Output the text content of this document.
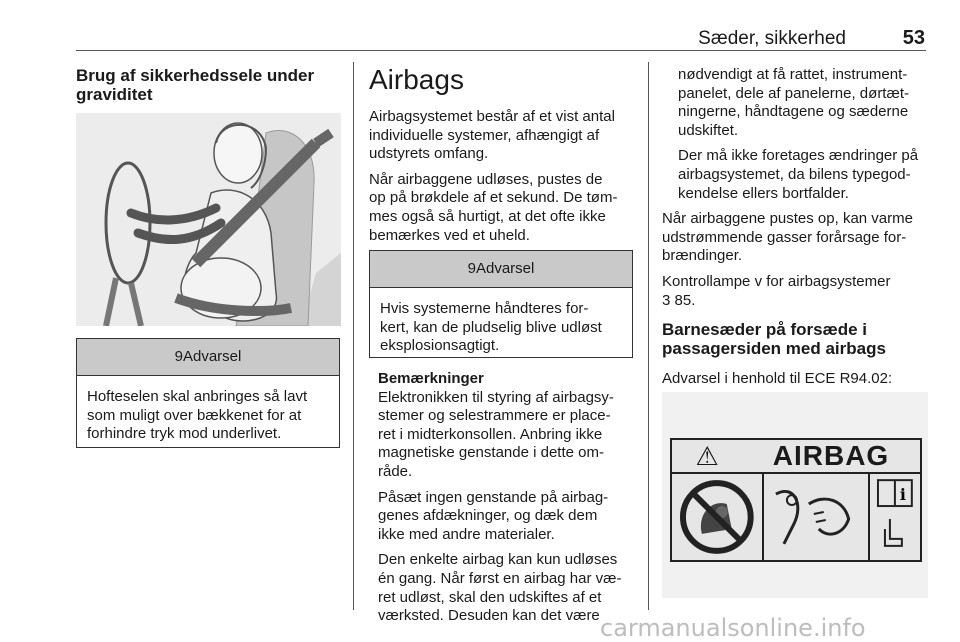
Sæder, sikkerhed	53
Brug af sikkerhedssele under
graviditet
9Advarsel
Hofteselen skal anbringes så lavt
som muligt over bækkenet for at
forhindre tryk mod underlivet.
Airbags

Airbagsystemet består af et vist antal
individuelle systemer, afhængigt af
udstyrets omfang.

Når airbaggene udløses, pustes de
op på brøkdele af et sekund. De tøm-
mes også så hurtigt, at det ofte ikke
bemærkes ved et uheld.

9Advarsel
Hvis systemerne håndteres for-
kert, kan de pludselig blive udløst
eksplosionsagtigt.
Bemærkninger

Elektronikken til styring af airbagsy-
stemer og selestrammere er place-
ret i midterkonsollen. Anbring ikke
magnetiske genstande i dette om-
råde.

Påsæt ingen genstande på airbag-
genes afdækninger, og dæk dem
ikke med andre materialer.

Den enkelte airbag kan kun udløses
én gang. Når først en airbag har væ-
ret udløst, skal den udskiftes af et
værksted. Desuden kan det være

nødvendigt at få rattet, instrument-
panelet, dele af panelerne, dørtæt-
ningerne, håndtagene og sæderne
udskiftet.

Der må ikke foretages ændringer på
airbagsystemet, da bilens typegod-
kendelse ellers bortfalder.

Når airbaggene pustes op, kan varme
udstrømmende gasser forårsage for-
brændinger.

Kontrollampe v for airbagsystemer
3 85.

Barnesæder på forsæde i
passagersiden med airbags

Advarsel i henhold til ECE R94.02:

⚠	AIRBAG
i
carmanualsonline.info
